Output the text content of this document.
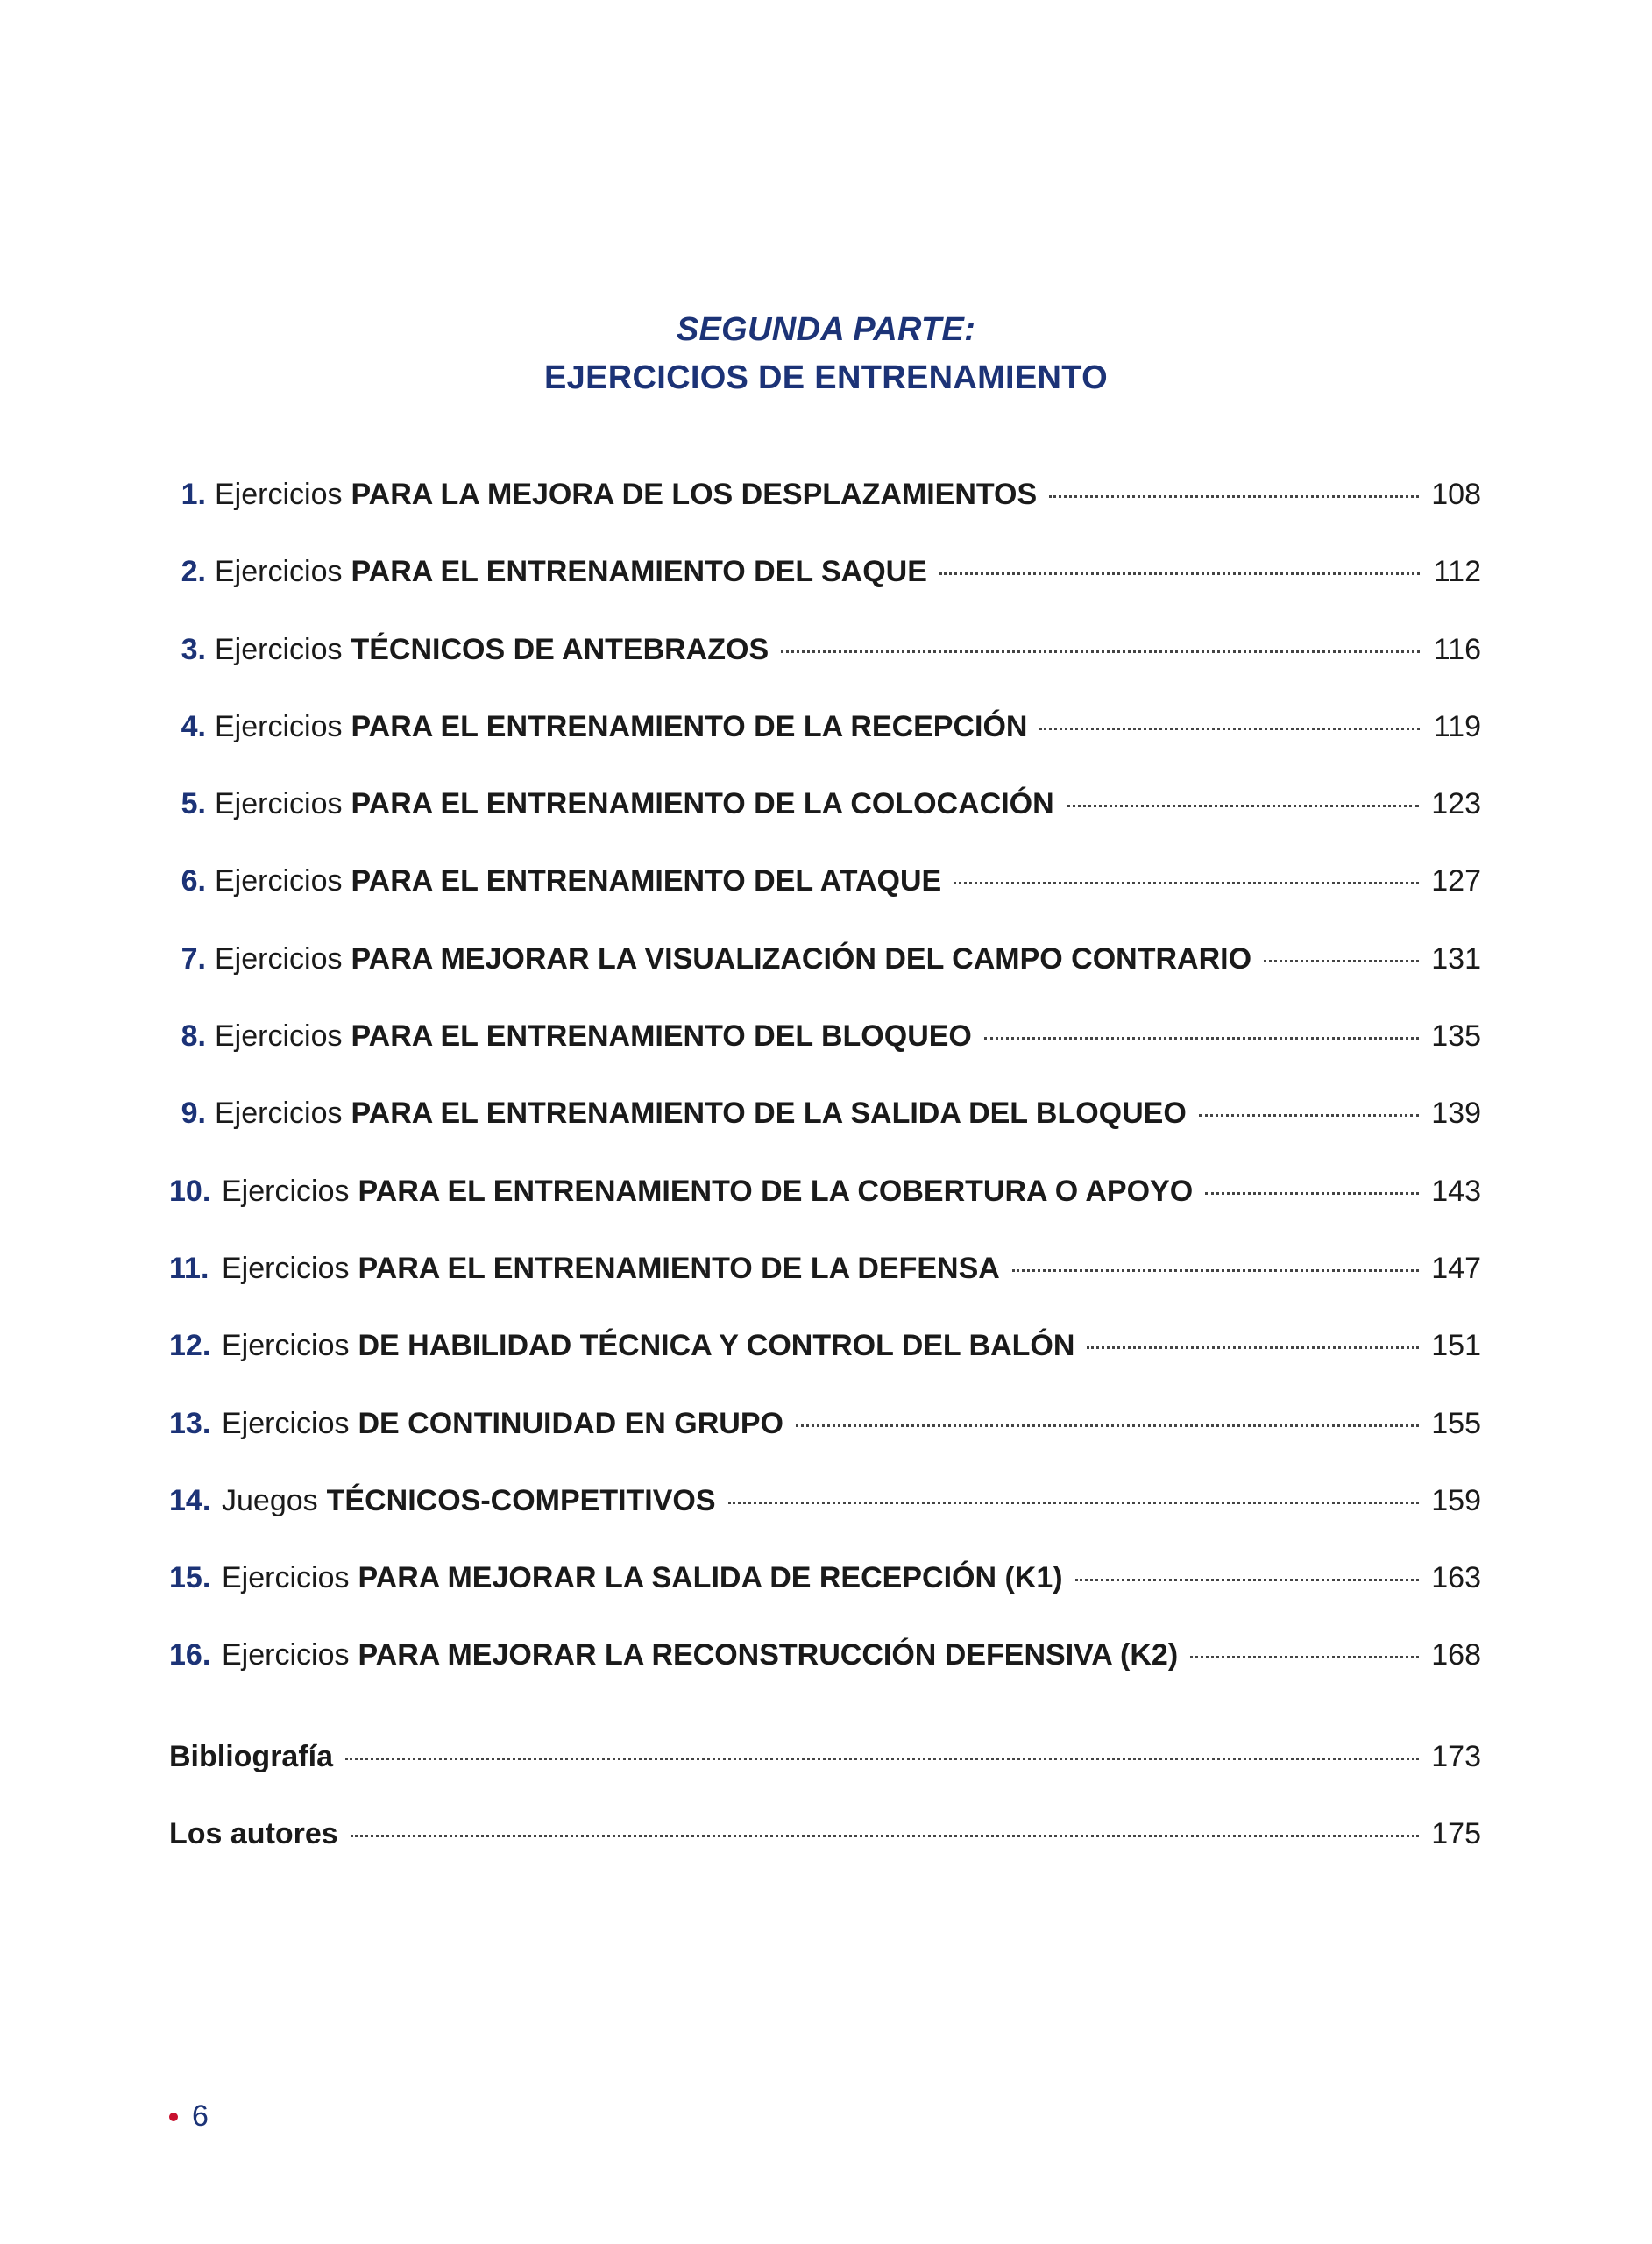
SEGUNDA PARTE:
EJERCICIOS DE ENTRENAMIENTO
1. Ejercicios PARA LA MEJORA DE LOS DESPLAZAMIENTOS	108
2. Ejercicios PARA EL ENTRENAMIENTO DEL SAQUE	112
3. Ejercicios TÉCNICOS DE ANTEBRAZOS	116
4. Ejercicios PARA EL ENTRENAMIENTO DE LA RECEPCIÓN	119
5. Ejercicios PARA EL ENTRENAMIENTO DE LA COLOCACIÓN	123
6. Ejercicios PARA EL ENTRENAMIENTO DEL ATAQUE	127
7. Ejercicios PARA MEJORAR LA VISUALIZACIÓN DEL CAMPO CONTRARIO	131
8. Ejercicios PARA EL ENTRENAMIENTO DEL BLOQUEO	135
9. Ejercicios PARA EL ENTRENAMIENTO DE LA SALIDA DEL BLOQUEO	139
10. Ejercicios PARA EL ENTRENAMIENTO DE LA COBERTURA O APOYO	143
11. Ejercicios PARA EL ENTRENAMIENTO DE LA DEFENSA	147
12. Ejercicios DE HABILIDAD TÉCNICA Y CONTROL DEL BALÓN	151
13. Ejercicios DE CONTINUIDAD EN GRUPO	155
14. Juegos TÉCNICOS-COMPETITIVOS	159
15. Ejercicios PARA MEJORAR LA SALIDA DE RECEPCIÓN (K1)	163
16. Ejercicios PARA MEJORAR LA RECONSTRUCCIÓN DEFENSIVA (K2)	168
Bibliografía	173
Los autores	175
6
